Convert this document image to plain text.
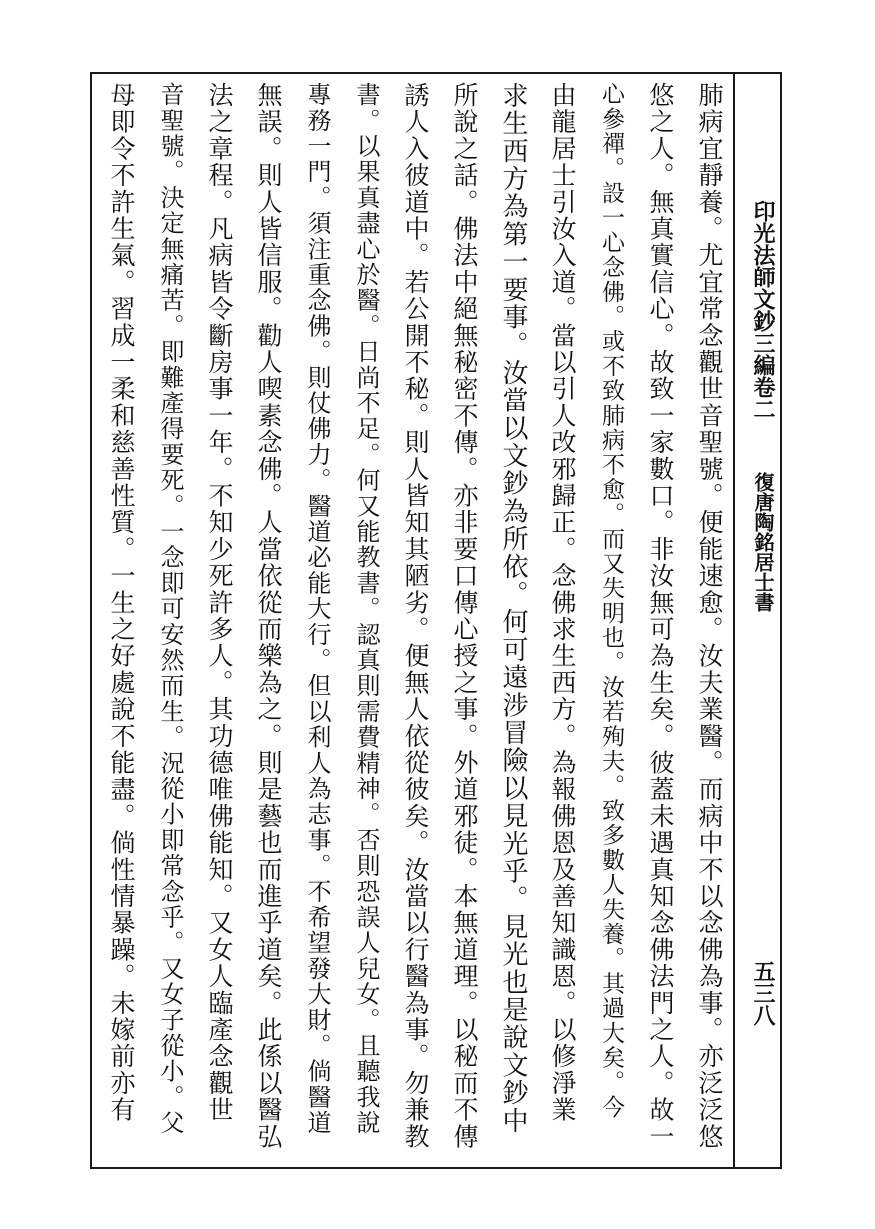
印光法師文鈔三編卷二
復唐陶銘居士書
五三八
肺病宜靜養。尤宜常念觀世音聖號。便能速愈。汝夫業醫。而病中不以念佛為事。亦泛泛悠
悠之人。無真實信心。故致一家數口。非汝無可為生矣。彼蓋未遇真知念佛法門之人。故一
心參禪。設一心念佛。或不致肺病不愈。而又失明也。汝若殉夫。致多數人失養。其過大矣。今
由龍居士引汝入道。當以引人改邪歸正。念佛求生西方。為報佛恩及善知識恩。以修淨業
求生西方為第一要事。汝當以文鈔為所依。何可遠涉冒險以見光乎。見光也是說文鈔中
所說之話。佛法中絕無秘密不傳。亦非要口傳心授之事。外道邪徒。本無道理。以秘而不傳
誘人入彼道中。若公開不秘。則人皆知其陋劣。便無人依從彼矣。汝當以行醫為事。勿兼教
書。以果真盡心於醫。日尚不足。何又能教書。認真則需費精神。否則恐誤人兒女。且聽我說
專務一門。須注重念佛。則仗佛力。醫道必能大行。但以利人為志事。不希望發大財。倘醫道
無誤。則人皆信服。勸人喫素念佛。人當依從而樂為之。則是藝也而進乎道矣。此係以醫弘
法之章程。凡病皆令斷房事一年。不知少死許多人。其功德唯佛能知。又女人臨產念觀世
音聖號。決定無痛苦。即難產得要死。一念即可安然而生。況從小即常念乎。又女子從小。父
母即令不許生氣。習成一柔和慈善性質。一生之好處說不能盡。倘性情暴躁。未嫁前亦有
